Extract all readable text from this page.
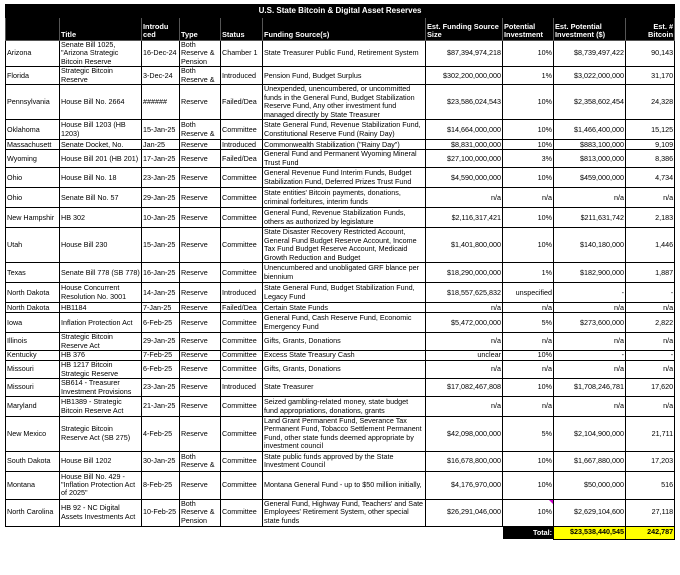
U.S. State Bitcoin & Digital Asset Reserves									
	Title	Introdu ced	Type	Status	Funding Source(s)	Est. Funding Source Size	Potential Investment	Est. Potential Investment ($)	Est. # Bitcoin
Arizona	Senate Bill 1025, "Arizona Strategic Bitcoin Reserve	16-Dec-24	Both Reserve & Pension	Chamber 1	State Treasurer Public Fund, Retirement System	$87,394,974,218	10%	$8,739,497,422	90,143
Florida	Strategic Bitcoin Reserve	3-Dec-24	Both Reserve &	Introduced	Pension Fund, Budget Surplus	$302,200,000,000	1%	$3,022,000,000	31,170
Pennsylvania	House Bill No. 2664	######	Reserve	Failed/Dea	Unexpended, unencumbered, or uncommitted funds in the General Fund, Budget Stabilization Reserve Fund, Any other investment fund managed directly by State Treasurer	$23,586,024,543	10%	$2,358,602,454	24,328
Oklahoma	House Bill 1203 (HB 1203)	15-Jan-25	Both Reserve &	Committee	State General Fund, Revenue Stabilization Fund, Constitutional Reserve Fund (Rainy Day)	$14,664,000,000	10%	$1,466,400,000	15,125
Massachusett	Senate Docket, No.	Jan-25	Reserve	Introduced	Commonwealth Stabilization ("Rainy Day")	$8,831,000,000	10%	$883,100,000	9,109
Wyoming	House Bill 201 (HB 201)	17-Jan-25	Reserve	Failed/Dea	General Fund and Permanent Wyoming Mineral Trust Fund	$27,100,000,000	3%	$813,000,000	8,386
Ohio	House Bill No. 18	23-Jan-25	Reserve	Committee	General Revenue Fund Interim Funds, Budget Stabilization Fund, Deferred Prizes Trust Fund	$4,590,000,000	10%	$459,000,000	4,734
Ohio	Senate Bill No. 57	29-Jan-25	Reserve	Committee	State entities' Bitcoin payments, donations, criminal forfeitures, interim funds	n/a	n/a	n/a	n/a
New Hampshir	HB 302	10-Jan-25	Reserve	Committee	General Fund, Revenue Stabilization Funds, others as authorized by legislature	$2,116,317,421	10%	$211,631,742	2,183
Utah	House Bill 230	15-Jan-25	Reserve	Committee	State Disaster Recovery Restricted Account, General Fund Budget Reserve Account, Income Tax Fund Budget Reserve Account, Medicaid Growth Reduction and Budget	$1,401,800,000	10%	$140,180,000	1,446
Texas	Senate Bill 778 (SB 778)	16-Jan-25	Reserve	Committee	Unencumbered and unobligated GRF blance per biennium	$18,290,000,000	1%	$182,900,000	1,887
North Dakota	House Concurrent Resolution No. 3001	14-Jan-25	Reserve	Introduced	State General Fund, Budget Stabilization Fund, Legacy Fund	$18,557,625,832	unspecified	-	-
North Dakota	HB1184	7-Jan-25	Reserve	Failed/Dea	Certain State Funds	n/a	n/a	n/a	n/a
Iowa	Inflation Protection Act	6-Feb-25	Reserve	Committee	General Fund, Cash Reserve Fund, Economic Emergency Fund	$5,472,000,000	5%	$273,600,000	2,822
Illinois	Strategic Bitcoin Reserve Act	29-Jan-25	Reserve	Committee	Gifts, Grants, Donations	n/a	n/a	n/a	n/a
Kentucky	HB 376	7-Feb-25	Reserve	Committee	Excess State Treasury Cash	unclear	10%	-	-
Missouri	HB 1217 Bitcoin Strategic Reserve	6-Feb-25	Reserve	Committee	Gifts, Grants, Donations	n/a	n/a	n/a	n/a
Missouri	SB614 - Treasurer Investment Provisions	23-Jan-25	Reserve	Introduced	State Treasurer	$17,082,467,808	10%	$1,708,246,781	17,620
Maryland	HB1389 - Strategic Bitcoin Reserve Act	21-Jan-25	Reserve	Committee	Seized gambling-related money, state budget fund appropriations, donations, grants	n/a	n/a	n/a	n/a
New Mexico	Strategic Bitcoin Reserve Act (SB 275)	4-Feb-25	Reserve	Committee	Land Grant Permanent Fund, Severance Tax Permanent Fund, Tobacco Settlement Permanent Fund, other state funds deemed appropriate by investment council	$42,098,000,000	5%	$2,104,900,000	21,711
South Dakota	House Bill 1202	30-Jan-25	Both Reserve &	Committee	State public funds approved by the State Investment Council	$16,678,800,000	10%	$1,667,880,000	17,203
Montana	House Bill No. 429 - "Inflation Protection Act of 2025"	8-Feb-25	Reserve	Committee	Montana General Fund - up to $50 million initially,	$4,176,970,000	10%	$50,000,000	516
North Carolina	HB 92 - NC Digital Assets Investments Act	10-Feb-25	Both Reserve & Pension	Committee	General Fund, Highway Fund, Teachers' and Sate Employees' Retirement System, other special state funds	$26,291,046,000	10%	$2,629,104,600	27,118
							Total:	$23,538,440,545	242,787
